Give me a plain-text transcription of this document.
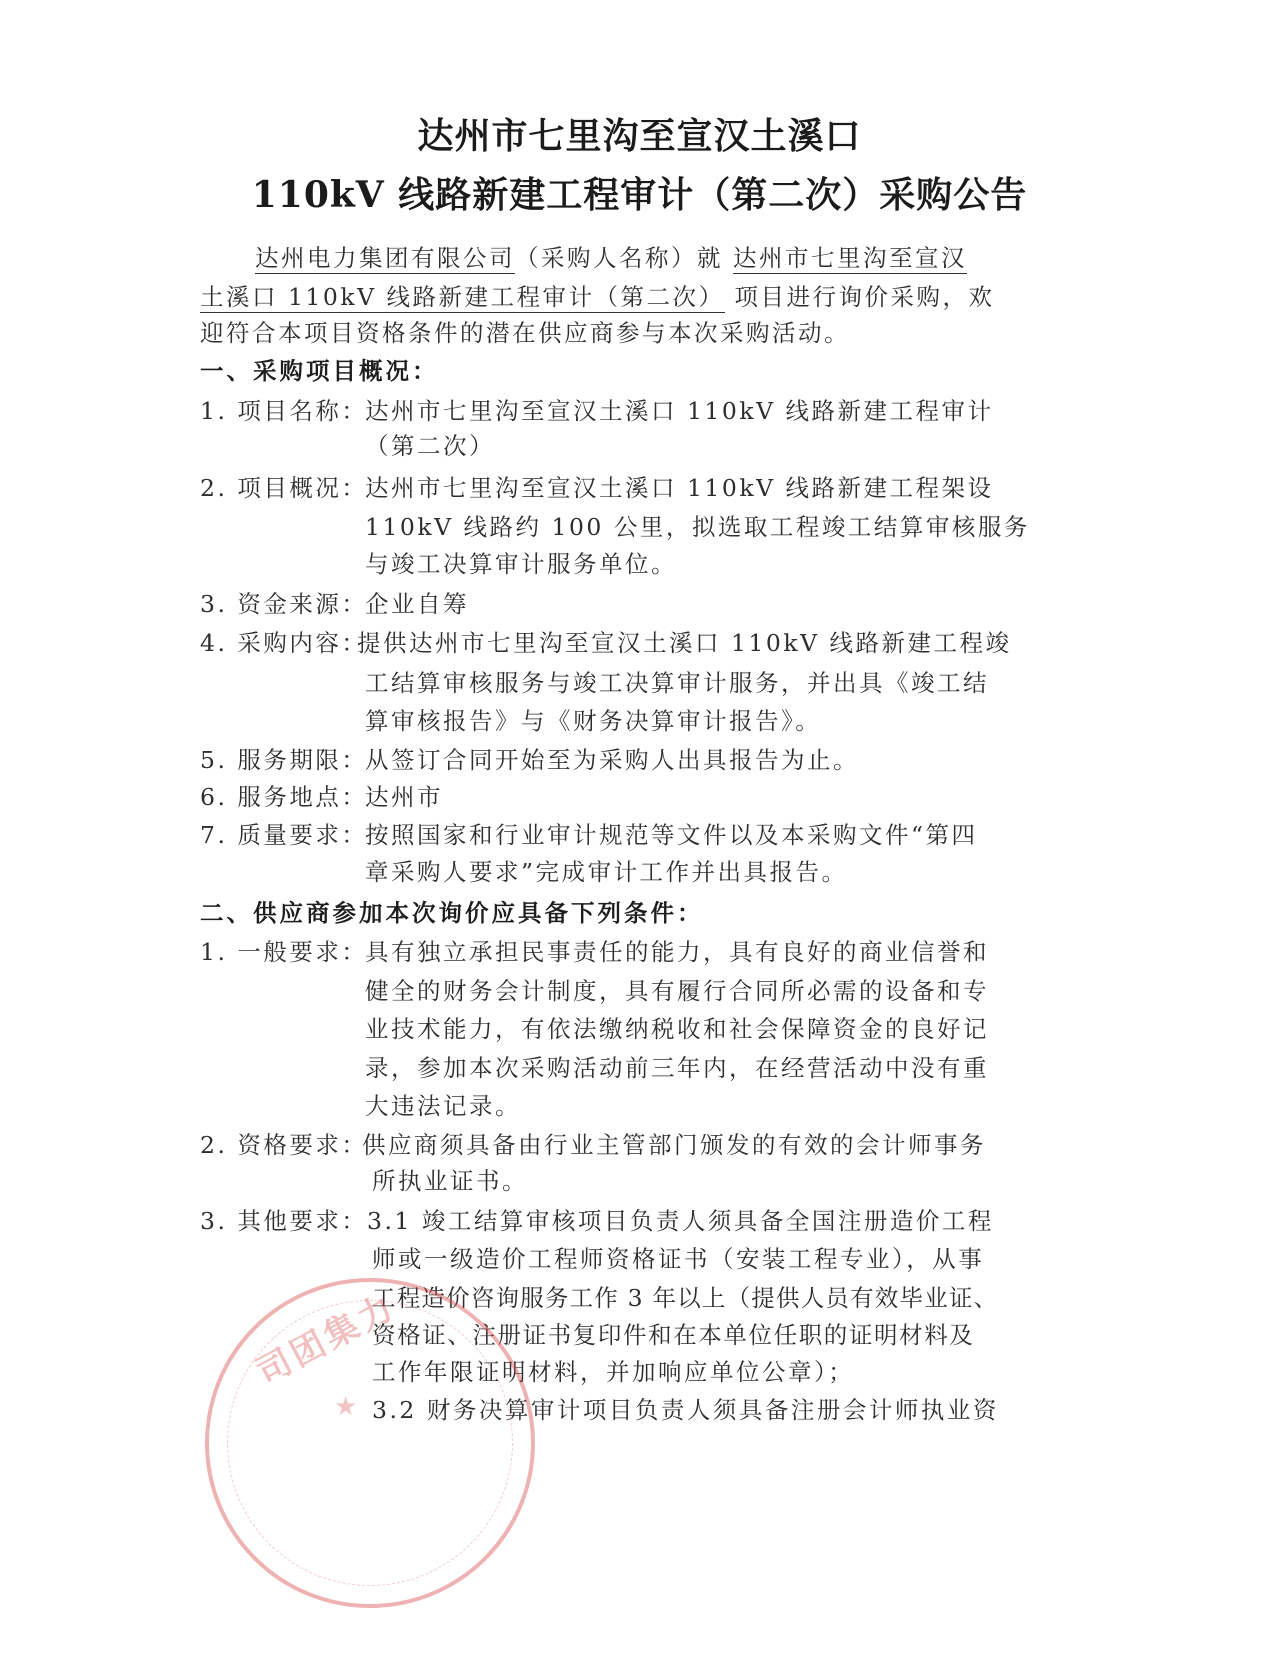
达州市七里沟至宣汉土溪口
110kV 线路新建工程审计（第二次）采购公告
达州电力集团有限公司（采购人名称）就 达州市七里沟至宣汉
土溪口 110kV 线路新建工程审计（第二次） 项目进行询价采购，欢
迎符合本项目资格条件的潜在供应商参与本次采购活动。
一、采购项目概况：
1. 项目名称：
达州市七里沟至宣汉土溪口 110kV 线路新建工程审计
（第二次）
2. 项目概况：
达州市七里沟至宣汉土溪口 110kV 线路新建工程架设
110kV 线路约 100 公里，拟选取工程竣工结算审核服务
与竣工决算审计服务单位。
3. 资金来源：
企业自筹
4. 采购内容：
提供达州市七里沟至宣汉土溪口 110kV 线路新建工程竣
工结算审核服务与竣工决算审计服务，并出具《竣工结
算审核报告》与《财务决算审计报告》。
5. 服务期限：
从签订合同开始至为采购人出具报告为止。
6. 服务地点：
达州市
7. 质量要求：
按照国家和行业审计规范等文件以及本采购文件“第四
章采购人要求”完成审计工作并出具报告。
二、供应商参加本次询价应具备下列条件：
1. 一般要求：
具有独立承担民事责任的能力，具有良好的商业信誉和
健全的财务会计制度，具有履行合同所必需的设备和专
业技术能力，有依法缴纳税收和社会保障资金的良好记
录，参加本次采购活动前三年内，在经营活动中没有重
大违法记录。
2. 资格要求：
供应商须具备由行业主管部门颁发的有效的会计师事务
所执业证书。
3. 其他要求： 3.1 竣工结算审核项目负责人须具备全国注册造价工程
师或一级造价工程师资格证书（安装工程专业），从事
工程造价咨询服务工作 3 年以上（提供人员有效毕业证、
资格证、注册证书复印件和在本单位任职的证明材料及
工作年限证明材料，并加响应单位公章）；
3.2 财务决算审计项目负责人须具备注册会计师执业资
司团集力
★
